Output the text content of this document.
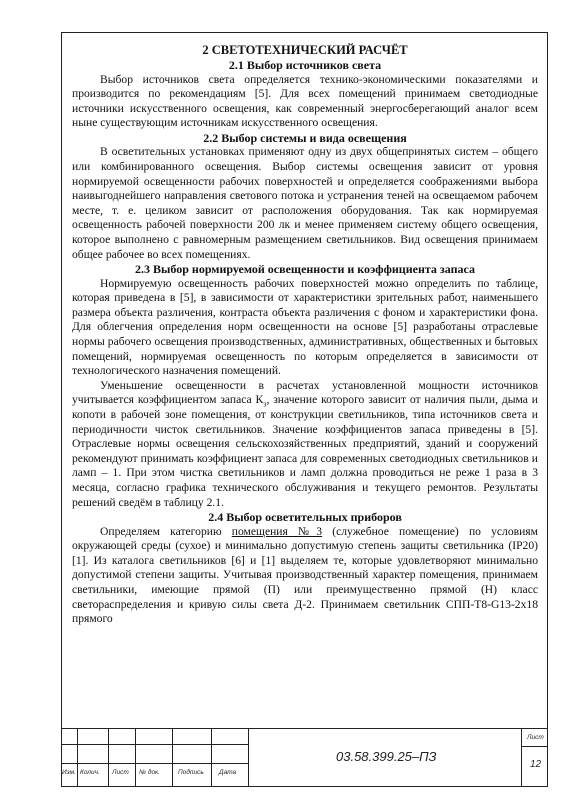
2 СВЕТОТЕХНИЧЕСКИЙ РАСЧЁТ
2.1 Выбор источников света

Выбор источников света определяется технико-экономическими показателями и производится по рекомендациям [5]. Для всех помещений принимаем светодиодные источники искусственного освещения, как современный энергосберегающий аналог всем ныне существующим источникам искусственного освещения.

2.2 Выбор системы и вида освещения

В осветительных установках применяют одну из двух общепринятых систем – общего или комбинированного освещения. Выбор системы освещения зависит от уровня нормируемой освещенности рабочих поверхностей и определяется соображениями выбора наивыгоднейшего направления светового потока и устранения теней на освещаемом рабочем месте, т. е. целиком зависит от расположения оборудования. Так как нормируемая освещенность рабочей поверхности 200 лк и менее применяем систему общего освещения, которое выполнено с равномерным размещением светильников. Вид освещения принимаем общее рабочее во всех помещениях.

2.3 Выбор нормируемой освещенности и коэффициента запаса

Нормируемую освещенность рабочих поверхностей можно определить по таблице, которая приведена в [5], в зависимости от характеристики зрительных работ, наименьшего размера объекта различения, контраста объекта различения с фоном и характеристики фона. Для облегчения определения норм освещенности на основе [5] разработаны отраслевые нормы рабочего освещения производственных, административных, общественных и бытовых помещений, нормируемая освещенность по которым определяется в зависимости от технологического назначения помещений.

Уменьшение освещенности в расчетах установленной мощности источников учитывается коэффициентом запаса $К_з$, значение которого зависит от наличия пыли, дыма и копоти в рабочей зоне помещения, от конструкции светильников, типа источников света и периодичности чисток светильников. Значение коэффициентов запаса приведены в [5]. Отраслевые нормы освещения сельскохозяйственных предприятий, зданий и сооружений рекомендуют принимать коэффициент запаса для современных светодиодных светильников и ламп – 1. При этом чистка светильников и ламп должна проводиться не реже 1 раза в 3 месяца, согласно графика технического обслуживания и текущего ремонтов. Результаты решений сведём в таблицу 2.1.

2.4 Выбор осветительных приборов

Определяем категорию помещения №3 (служебное помещение) по условиям окружающей среды (сухое) и минимально допустимую степень защиты светильника (IP20) [1]. Из каталога светильников [6] и [1] выделяем те, которые удовлетворяют минимально допустимой степени защиты. Учитывая производственный характер помещения, принимаем светильники, имеющие прямой (П) или преимущественно прямой (Н) класс светораспределения и кривую силы света Д-2. Принимаем светильник СПП-Т8-G13-2х18 прямого

Изм. Колич. Лист № док.	Подпись Дата
03.58.399.25–ПЗ
Лист
12
